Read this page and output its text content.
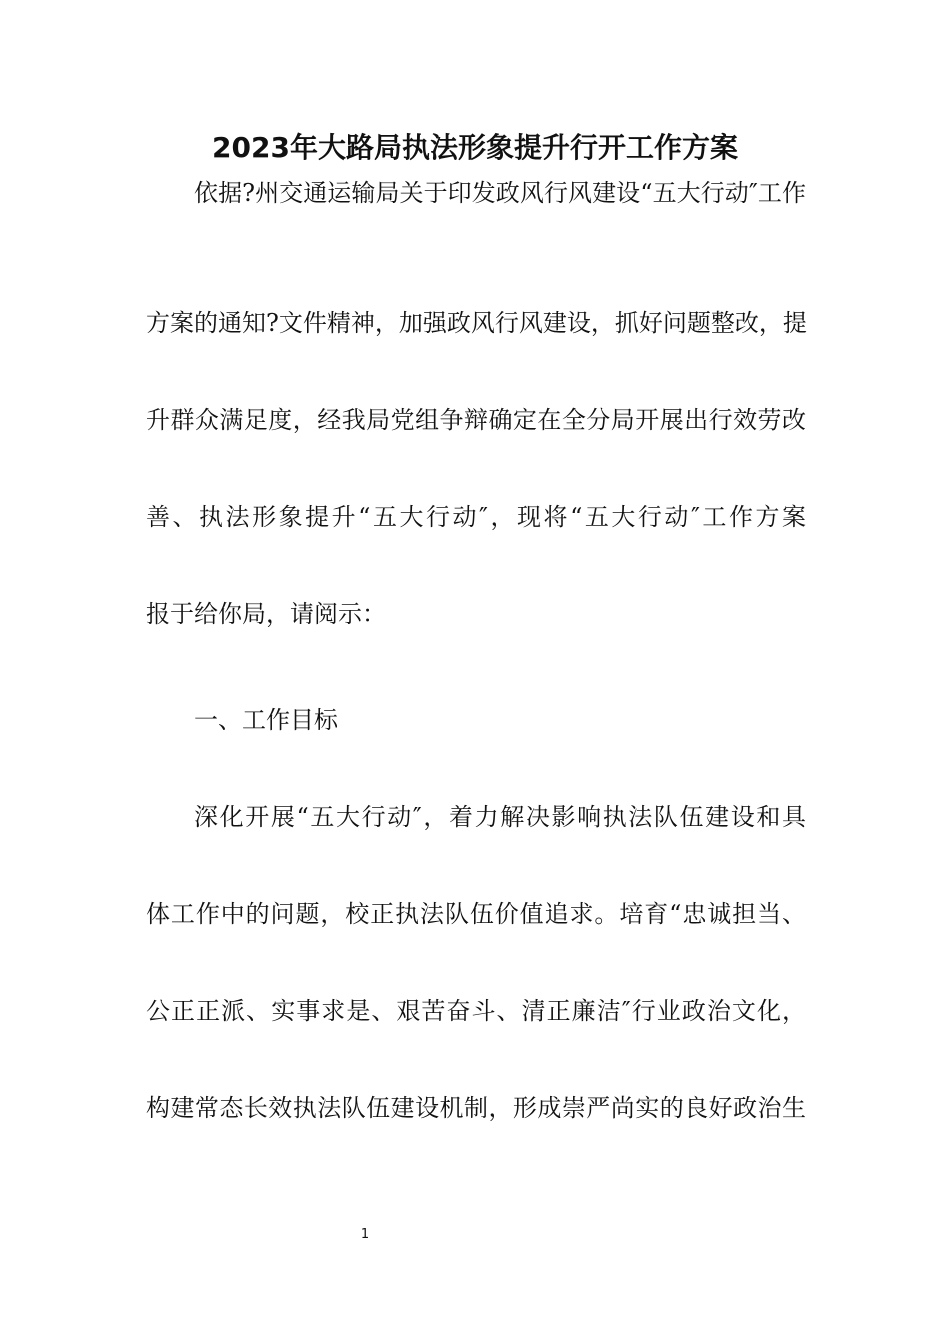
2023年大路局执法形象提升行开工作方案
依据?州交通运输局关于印发政风行风建设“五大行动″工作
方案的通知?文件精神，加强政风行风建设，抓好问题整改，提
升群众满足度，经我局党组争辩确定在全分局开展出行效劳改
善、执法形象提升“五大行动″，现将“五大行动″工作方案
报于给你局，请阅示：
一、工作目标
深化开展“五大行动″，着力解决影响执法队伍建设和具
体工作中的问题，校正执法队伍价值追求。培育“忠诚担当、
公正正派、实事求是、艰苦奋斗、清正廉洁″行业政治文化，
构建常态长效执法队伍建设机制，形成崇严尚实的良好政治生
1
